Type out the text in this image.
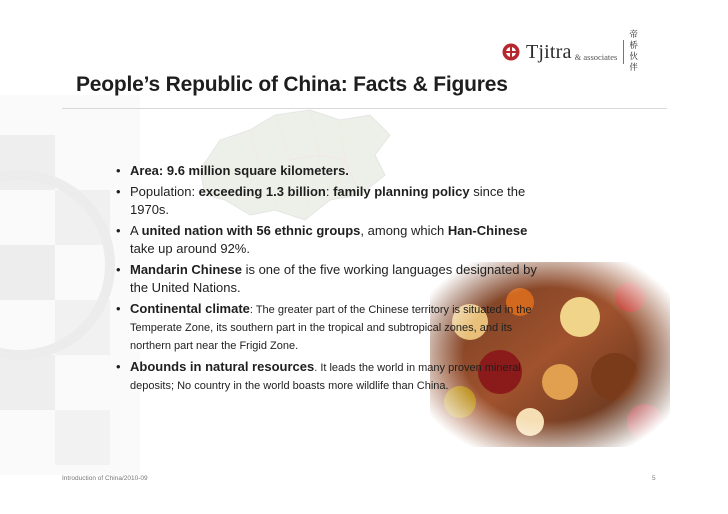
Tjitra & associates
帝 桥 伙 伴
People’s Republic of China: Facts & Figures
• Area: 9.6 million square kilometers.
• Population: exceeding 1.3 billion: family planning policy since the 1970s.
• A united nation with 56 ethnic groups, among which Han-Chinese take up around 92%.
• Mandarin Chinese is one of the five working languages designated by the United Nations.
• Continental climate: The greater part of the Chinese territory is situated in the Temperate Zone, its southern part in the tropical and subtropical zones, and its northern part near the Frigid Zone.
• Abounds in natural resources. It leads the world in many proven mineral deposits; No country in the world boasts more wildlife than China.
Introduction of China/2010-09	5
